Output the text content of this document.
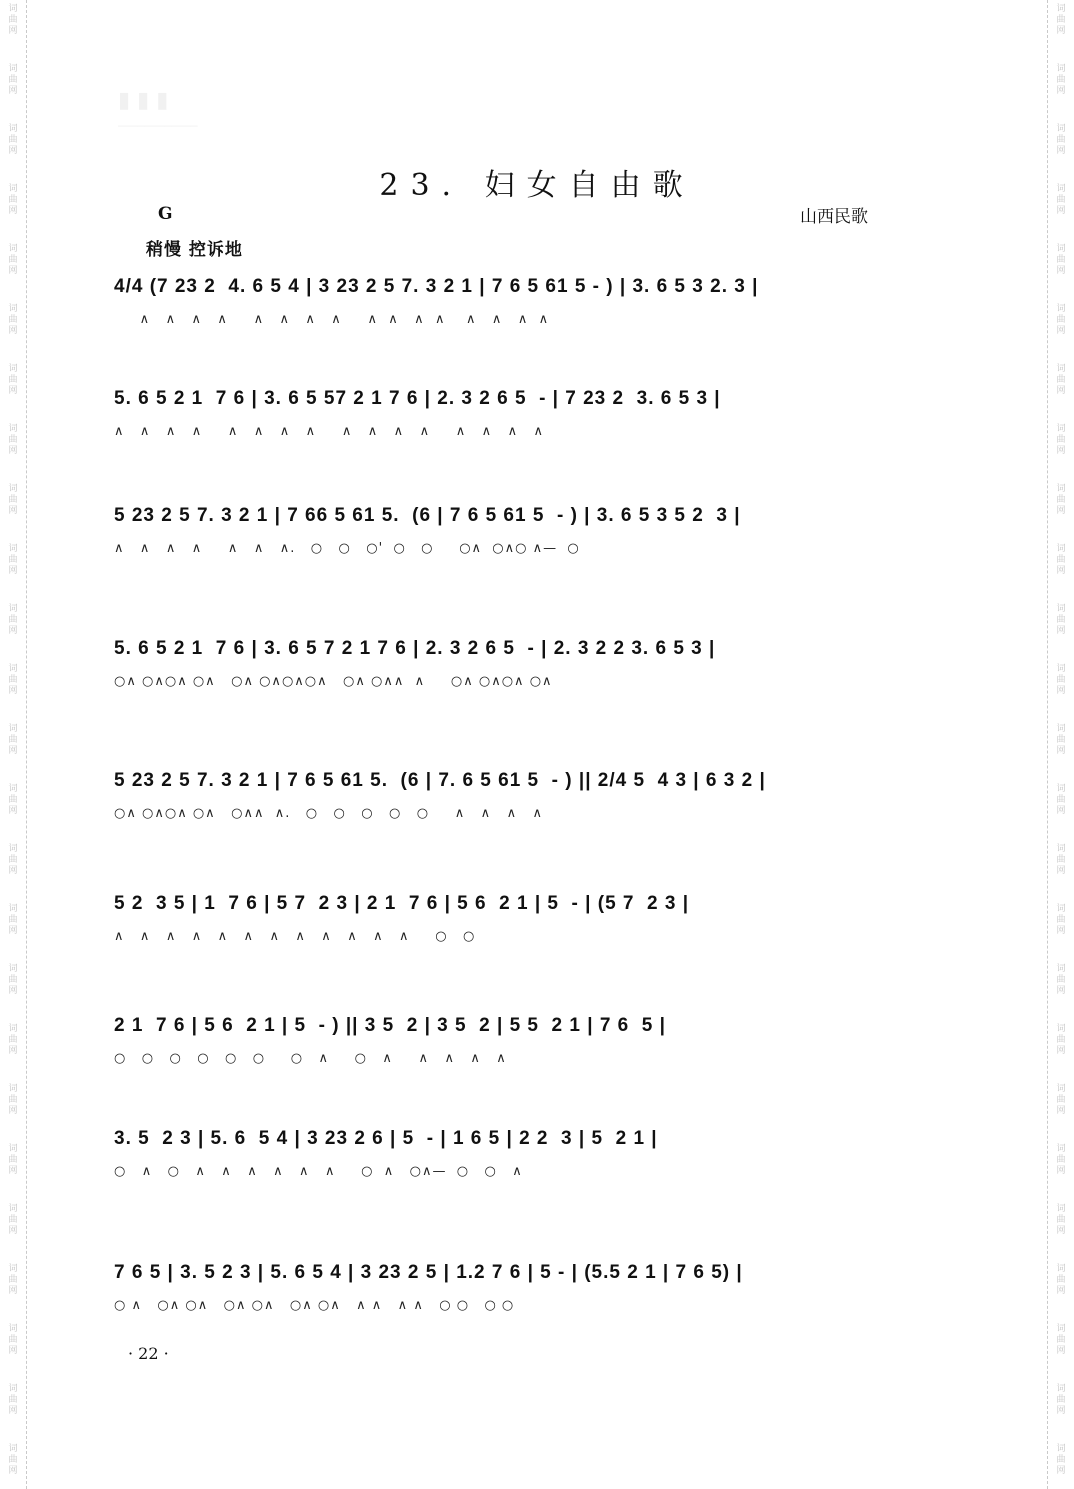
词
曲
网
词
曲
网
词
曲
网
词
曲
网
词
曲
网
词
曲
网
词
曲
网
词
曲
网
词
曲
网
词
曲
网
词
曲
网
词
曲
网
词
曲
网
词
曲
网
词
曲
网
词
曲
网
词
曲
网
词
曲
网
词
曲
网
词
曲
网
词
曲
网
词
曲
网
词
曲
网
词
曲
网
词
曲
网
词
曲
网
词
曲
网
词
曲
网
词
曲
网
词
曲
网
词
曲
网
词
曲
网
词
曲
网
词
曲
网
词
曲
网
词
曲
网
词
曲
网
词
曲
网
词
曲
网
词
曲
网
词
曲
网
词
曲
网
词
曲
网
词
曲
网
词
曲
网
词
曲
网
词
曲
网
词
曲
网
词
曲
网
词
曲
网
▮ ▮ ▮
────────────
23. 妇女自由歌
G	山西民歌
稍慢 控诉地
4/4 (7 23 2  4. 6 5 4 | 3 23 2 5 7. 3 2 1 | 7 6 5 61 5 - ) | 3. 6 5 3 2. 3 |
∧   ∧   ∧   ∧     ∧   ∧   ∧   ∧     ∧  ∧   ∧  ∧    ∧   ∧   ∧  ∧
5. 6 5 2 1  7 6 | 3. 6 5 57 2 1 7 6 | 2. 3 2 6 5  - | 7 23 2  3. 6 5 3 |
∧   ∧   ∧   ∧     ∧   ∧   ∧   ∧     ∧   ∧   ∧   ∧     ∧   ∧   ∧   ∧
5 23 2 5 7. 3 2 1 | 7 66 5 61 5.  (6 | 7 6 5 61 5  - ) | 3. 6 5 3 5 2  3 |
∧   ∧   ∧   ∧     ∧   ∧   ∧.   ○   ○   ○'  ○   ○     ○∧  ○∧○ ∧—  ○
5. 6 5 2 1  7 6 | 3. 6 5 7 2 1 7 6 | 2. 3 2 6 5  - | 2. 3 2 2 3. 6 5 3 |
○∧ ○∧○∧ ○∧   ○∧ ○∧○∧○∧   ○∧ ○∧∧  ∧     ○∧ ○∧○∧ ○∧
5 23 2 5 7. 3 2 1 | 7 6 5 61 5.  (6 | 7. 6 5 61 5  - ) || 2/4 5  4 3 | 6 3 2 |
○∧ ○∧○∧ ○∧   ○∧∧  ∧.   ○   ○   ○   ○   ○     ∧   ∧   ∧   ∧
5 2  3 5 | 1  7 6 | 5 7  2 3 | 2 1  7 6 | 5 6  2 1 | 5  - | (5 7  2 3 |
∧   ∧   ∧   ∧   ∧   ∧   ∧   ∧   ∧   ∧   ∧   ∧     ○   ○
2 1  7 6 | 5 6  2 1 | 5  - ) || 3 5  2 | 3 5  2 | 5 5  2 1 | 7 6  5 |
○   ○   ○   ○   ○   ○     ○   ∧     ○   ∧     ∧   ∧   ∧   ∧
3. 5  2 3 | 5. 6  5 4 | 3 23 2 6 | 5  - | 1 6 5 | 2 2  3 | 5  2 1 |
○   ∧   ○   ∧   ∧   ∧   ∧   ∧   ∧     ○  ∧   ○∧—  ○   ○   ∧
7 6 5 | 3. 5 2 3 | 5. 6 5 4 | 3 23 2 5 | 1.2 7 6 | 5 - | (5.5 2 1 | 7 6 5) |
○ ∧   ○∧ ○∧   ○∧ ○∧   ○∧ ○∧   ∧ ∧   ∧ ∧   ○ ○   ○ ○
· 22 ·
